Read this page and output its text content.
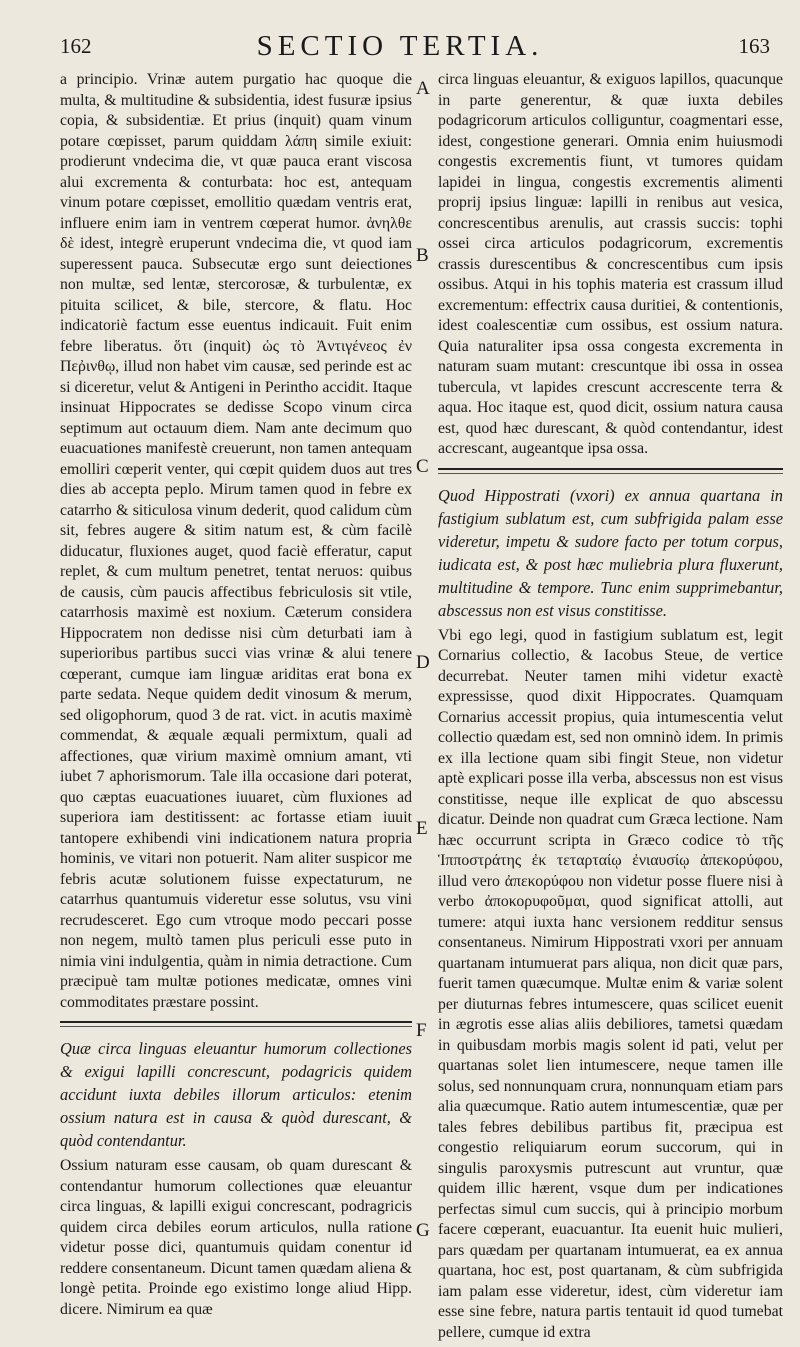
162	SECTIO TERTIA.	163

a principio. Vrinæ autem purgatio hac quoque die multa, & multitudine & subsidentia, idest fusuræ ipsius copia, & subsidentiæ. Et prius (inquit) quam vinum potare cœpisset, parum quiddam λάπη simile exiuit: prodierunt vndecima die, vt quæ pauca erant viscosa alui excrementa & conturbata: hoc est, antequam vinum potare cœpisset, emollitio quædam ventris erat, influere enim iam in ventrem cœperat humor. ἀνηλθε δὲ idest, integrè eruperunt vndecima die, vt quod iam superessent pauca. Subsecutæ ergo sunt deiectiones non multæ, sed lentæ, stercorosæ, & turbulentæ, ex pituita scilicet, & bile, stercore, & flatu. Hoc indicatoriè factum esse euentus indicauit. Fuit enim febre liberatus. ὅτι (inquit) ὡς τὸ Ἀντιγένεος ἐν Πεῤινθῳ, illud non habet vim causæ, sed perinde est ac si diceretur, velut & Antigeni in Perintho accidit. Itaque insinuat Hippocrates se dedisse Scopo vinum circa septimum aut octauum diem. Nam ante decimum quo euacuationes manifestè creuerunt, non tamen antequam emolliri cœperit venter, qui cœpit quidem duos aut tres dies ab accepta peplo. Mirum tamen quod in febre ex catarrho & siticulosa vinum dederit, quod calidum cùm sit, febres augere & sitim natum est, & cùm facilè diducatur, fluxiones auget, quod faciè efferatur, caput replet, & cum multum penetret, tentat neruos: quibus de causis, cùm paucis affectibus febriculosis sit vtile, catarrhosis maximè est noxium. Cæterum considera Hippocratem non dedisse nisi cùm deturbati iam à superioribus partibus succi vias vrinæ & alui tenere cœperant, cumque iam linguæ ariditas erat bona ex parte sedata. Neque quidem dedit vinosum & merum, sed oligophorum, quod 3 de rat. vict. in acutis maximè commendat, & æquale æquali permixtum, quali ad affectiones, quæ virium maximè omnium amant, vti iubet 7 aphorismorum. Tale illa occasione dari poterat, quo cæptas euacuationes iuuaret, cùm fluxiones ad superiora iam destitissent: ac fortasse etiam iuuit tantopere exhibendi vini indicationem natura propria hominis, ve vitari non potuerit. Nam aliter suspicor me febris acutæ solutionem fuisse expectaturum, ne catarrhus quantumuis videretur esse solutus, vsu vini recrudesceret. Ego cum vtroque modo peccari posse non negem, multò tamen plus periculi esse puto in nimia vini indulgentia, quàm in nimia detractione. Cum præcipuè tam multæ potiones medicatæ, omnes vini commoditates præstare possint.

Quæ circa linguas eleuantur humorum collectiones & exigui lapilli concrescunt, podagricis quidem accidunt iuxta debiles illorum articulos: etenim ossium natura est in causa & quòd durescant, & quòd contendantur.

Ossium naturam esse causam, ob quam durescant & contendantur humorum collectiones quæ eleuantur circa linguas, & lapilli exigui concrescant, podragricis quidem circa debiles eorum articulos, nulla ratione videtur posse dici, quantumuis quidam conentur id reddere consentaneum. Dicunt tamen quædam aliena & longè petita. Proinde ego existimo longe aliud Hipp. dicere. Nimirum ea quæ

circa linguas eleuantur, & exiguos lapillos, quacunque in parte generentur, & quæ iuxta debiles podagricorum articulos colliguntur, coagmentari esse, idest, congestione generari. Omnia enim huiusmodi congestis excrementis fiunt, vt tumores quidam lapidei in lingua, congestis excrementis alimenti proprij ipsius linguæ: lapilli in renibus aut vesica, concrescentibus arenulis, aut crassis succis: tophi ossei circa articulos podagricorum, excrementis crassis durescentibus & concrescentibus cum ipsis ossibus. Atqui in his tophis materia est crassum illud excrementum: effectrix causa duritiei, & contentionis, idest coalescentiæ cum ossibus, est ossium natura. Quia naturaliter ipsa ossa congesta excrementa in naturam suam mutant: crescuntque ibi ossa in ossea tubercula, vt lapides crescunt accrescente terra & aqua. Hoc itaque est, quod dicit, ossium natura causa est, quod hæc durescant, & quòd contendantur, idest accrescant, augeantque ipsa ossa.

Quod Hippostrati (vxori) ex annua quartana in fastigium sublatum est, cum subfrigida palam esse videretur, impetu & sudore facto per totum corpus, iudicata est, & post hæc muliebria plura fluxerunt, multitudine & tempore. Tunc enim supprimebantur, abscessus non est visus constitisse.

Vbi ego legi, quod in fastigium sublatum est, legit Cornarius collectio, & Iacobus Steue, de vertice decurrebat. Neuter tamen mihi videtur exactè expressisse, quod dixit Hippocrates. Quamquam Cornarius accessit propius, quia intumescentia velut collectio quædam est, sed non omninò idem. In primis ex illa lectione quam sibi fingit Steue, non videtur aptè explicari posse illa verba, abscessus non est visus constitisse, neque ille explicat de quo abscessu dicatur. Deinde non quadrat cum Græca lectione. Nam hæc occurrunt scripta in Græco codice τὸ τῆς Ἱπποστράτης ἐκ τεταρταίῳ ἐνιαυσίῳ ἀπεκορύφου, illud vero ἀπεκορύφου non videtur posse fluere nisi à verbo ἀποκορυφοῦμαι, quod significat attolli, aut tumere: atqui iuxta hanc versionem redditur sensus consentaneus. Nimirum Hippostrati vxori per annuam quartanam intumuerat pars aliqua, non dicit quæ pars, fuerit tamen quæcumque. Multæ enim & variæ solent per diuturnas febres intumescere, quas scilicet euenit in ægrotis esse alias aliis debiliores, tametsi quædam in quibusdam morbis magis solent id pati, velut per quartanas solet lien intumescere, neque tamen ille solus, sed nonnunquam crura, nonnunquam etiam pars alia quæcumque. Ratio autem intumescentiæ, quæ per tales febres debilibus partibus fit, præcipua est congestio reliquiarum eorum succorum, qui in singulis paroxysmis putrescunt aut vruntur, quæ quidem illic hærent, vsque dum per indicationes perfectas simul cum succis, qui à principio morbum facere cœperant, euacuantur. Ita euenit huic mulieri, pars quædam per quartanam intumuerat, ea ex annua quartana, hoc est, post quartanam, & cùm subfrigida iam palam esse videretur, idest, cùm videretur iam esse sine febre, natura partis tentauit id quod tumebat pellere, cumque id extra

A
B
C
D
E
F
G
